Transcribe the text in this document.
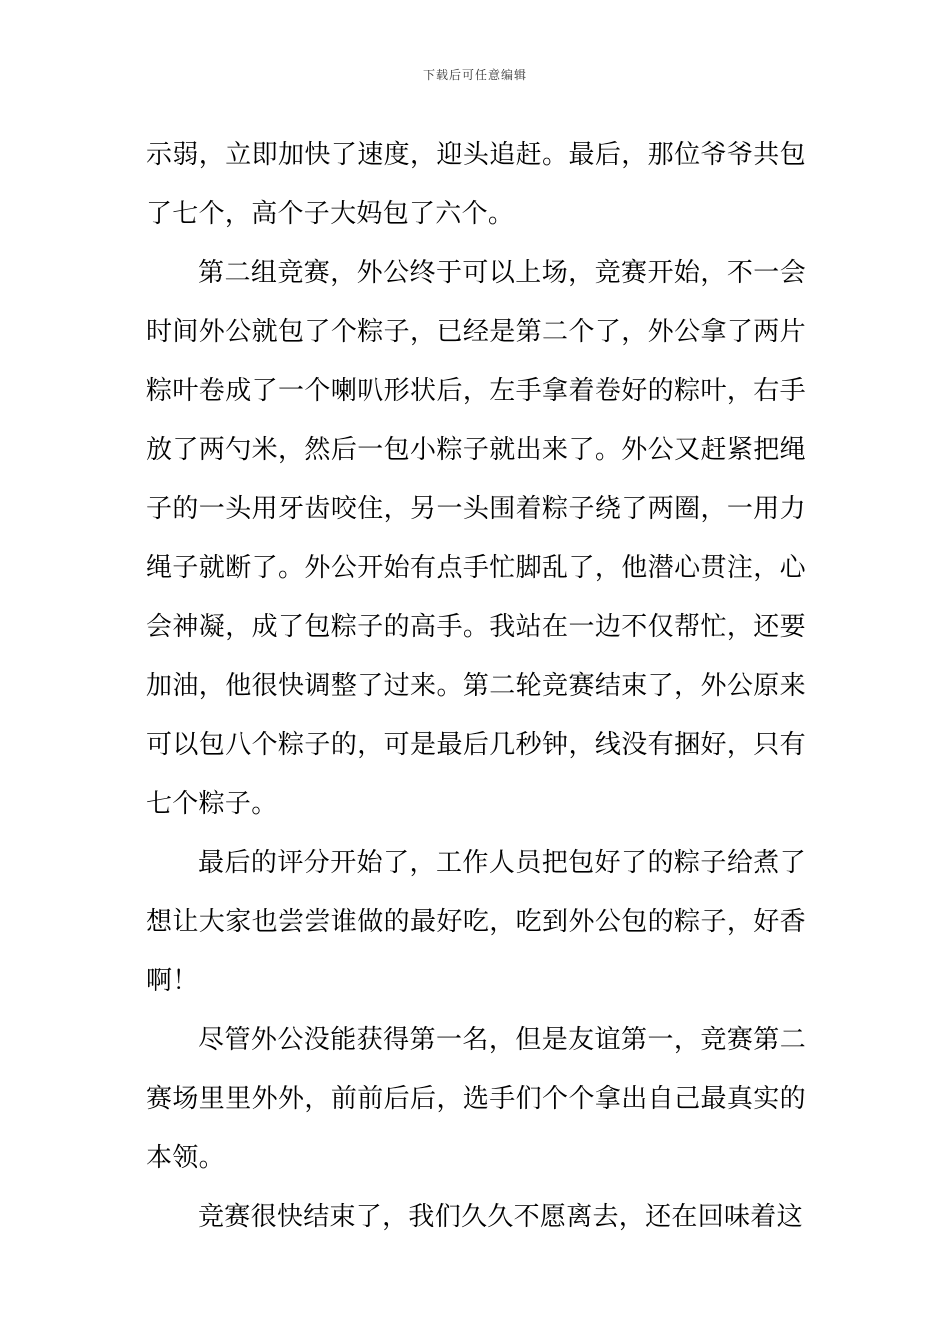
下载后可任意编辑

示弱，立即加快了速度，迎头追赶。最后，那位爷爷共包了七个，高个子大妈包了六个。

第二组竞赛，外公终于可以上场，竞赛开始，不一会时间外公就包了个粽子，已经是第二个了，外公拿了两片粽叶卷成了一个喇叭形状后，左手拿着卷好的粽叶，右手放了两勺米，然后一包小粽子就出来了。外公又赶紧把绳子的一头用牙齿咬住，另一头围着粽子绕了两圈，一用力绳子就断了。外公开始有点手忙脚乱了，他潜心贯注，心会神凝，成了包粽子的高手。我站在一边不仅帮忙，还要加油，他很快调整了过来。第二轮竞赛结束了，外公原来可以包八个粽子的，可是最后几秒钟，线没有捆好，只有七个粽子。

最后的评分开始了，工作人员把包好了的粽子给煮了想让大家也尝尝谁做的最好吃，吃到外公包的粽子，好香啊！

尽管外公没能获得第一名，但是友谊第一，竞赛第二赛场里里外外，前前后后，选手们个个拿出自己最真实的本领。

竞赛很快结束了，我们久久不愿离去，还在回味着这
